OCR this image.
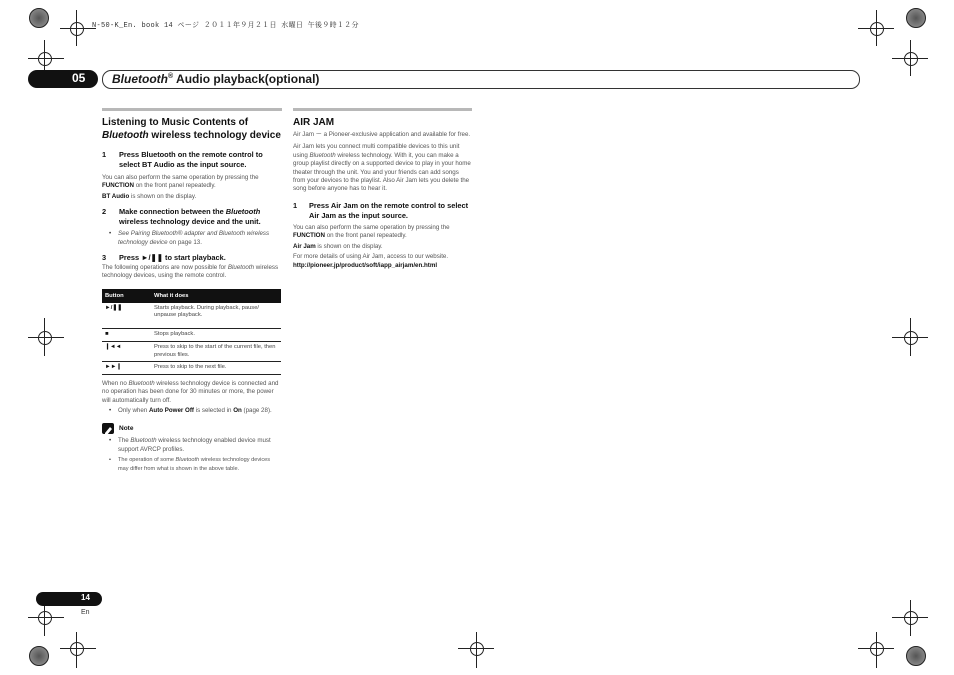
N-50-K_En. book 14 ページ ２０１１年９月２１日 水曜日 午後９時１２分
05 Bluetooth® Audio playback(optional)
Listening to Music Contents of
Bluetooth wireless technology device
1	Press Bluetooth on the remote control to select BT Audio as the input source.
You can also perform the same operation by pressing the FUNCTION on the front panel repeatedly.
BT Audio is shown on the display.
2	Make connection between the Bluetooth wireless technology device and the unit.
• See Pairing Bluetooth® adapter and Bluetooth wireless technology device on page 13.
3	Press ►/❚❚ to start playback.
The following operations are now possible for Bluetooth wireless technology devices, using the remote control.
Button	What it does
►/❚❚	Starts playback. During playback, pause/ unpause playback.
■	Stops playback.
❙◄◄	Press to skip to the start of the current file, then previous files.
►►❙	Press to skip to the next file.
When no Bluetooth wireless technology device is connected and no operation has been done for 30 minutes or more, the power will automatically turn off.
• Only when Auto Power Off is selected in On (page 28).
Note
• The Bluetooth wireless technology enabled device must support AVRCP profiles.
• The operation of some Bluetooth wireless technology devices may differ from what is shown in the above table.
AIR JAM
Air Jam ー a Pioneer-exclusive application and available for free.
Air Jam lets you connect multi compatible devices to this unit using Bluetooth wireless technology. With it, you can make a group playlist directly on a supported device to play in your home theater through the unit. You and your friends can add songs from your devices to the playlist. Also Air Jam lets you delete the song before anyone has to hear it.
1	Press Air Jam on the remote control to select Air Jam as the input source.
You can also perform the same operation by pressing the FUNCTION on the front panel repeatedly.
Air Jam is shown on the display.
For more details of using Air Jam, access to our website.
http://pioneer.jp/product/soft/iapp_airjam/en.html
14
En
